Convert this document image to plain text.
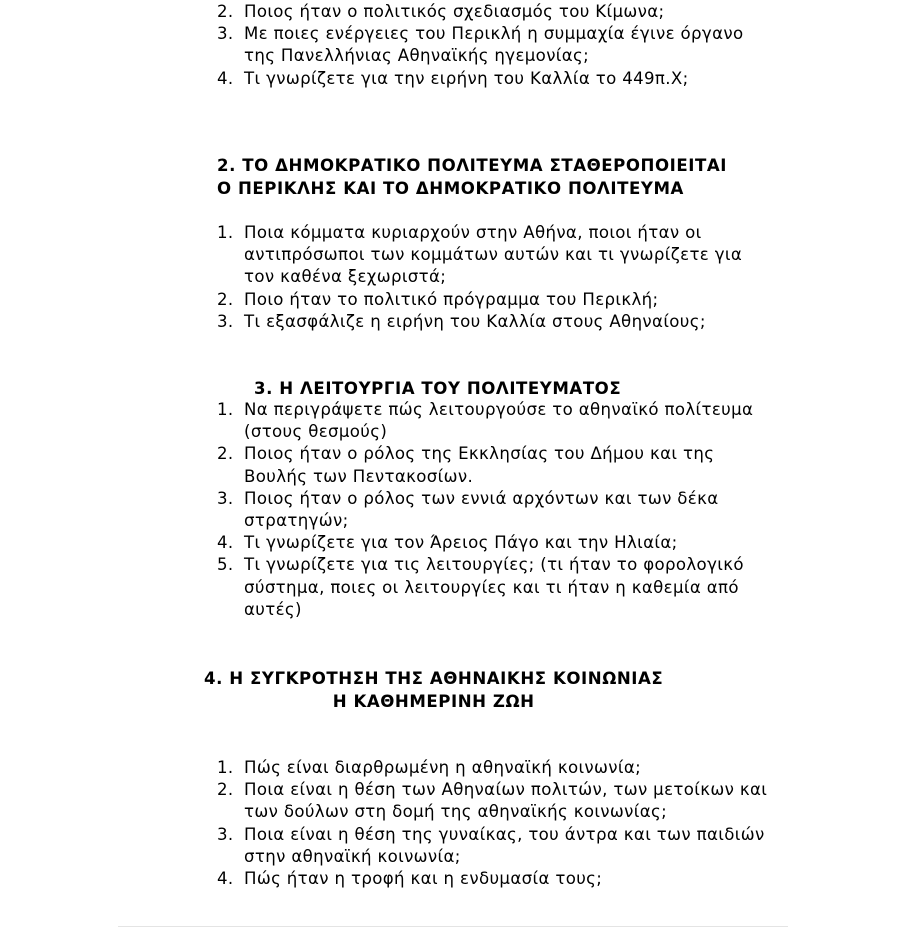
2. Ποιος ήταν ο πολιτικός σχεδιασμός του Κίμωνα;
3. Με ποιες ενέργειες του Περικλή η συμμαχία έγινε όργανο της Πανελλήνιας Αθηναϊκής ηγεμονίας;
4. Τι γνωρίζετε για την ειρήνη του Καλλία το 449π.Χ;
2. ΤΟ ΔΗΜΟΚΡΑΤΙΚΟ ΠΟΛΙΤΕΥΜΑ ΣΤΑΘΕΡΟΠΟΙΕΙΤΑΙ
Ο ΠΕΡΙΚΛΗΣ ΚΑΙ ΤΟ ΔΗΜΟΚΡΑΤΙΚΟ ΠΟΛΙΤΕΥΜΑ
1. Ποια κόμματα κυριαρχούν στην Αθήνα, ποιοι ήταν οι αντιπρόσωποι των κομμάτων αυτών και τι γνωρίζετε για τον καθένα ξεχωριστά;
2. Ποιο ήταν το πολιτικό πρόγραμμα του Περικλή;
3. Τι εξασφάλιζε η ειρήνη του Καλλία στους Αθηναίους;
3. Η ΛΕΙΤΟΥΡΓΙΑ ΤΟΥ ΠΟΛΙΤΕΥΜΑΤΟΣ
1. Να περιγράψετε πώς λειτουργούσε το αθηναϊκό πολίτευμα (στους θεσμούς)
2. Ποιος ήταν ο ρόλος της Εκκλησίας του Δήμου και της Βουλής των Πεντακοσίων.
3. Ποιος ήταν ο ρόλος των εννιά αρχόντων και των δέκα στρατηγών;
4. Τι γνωρίζετε για τον Άρειος Πάγο και την Ηλιαία;
5. Τι γνωρίζετε για τις λειτουργίες; (τι ήταν το φορολογικό σύστημα, ποιες οι λειτουργίες και τι ήταν η καθεμία από αυτές)
4. Η ΣΥΓΚΡΟΤΗΣΗ ΤΗΣ ΑΘΗΝΑΙΚΗΣ ΚΟΙΝΩΝΙΑΣ
Η ΚΑΘΗΜΕΡΙΝΗ ΖΩΗ
1. Πώς είναι διαρθρωμένη η αθηναϊκή κοινωνία;
2. Ποια είναι η θέση των Αθηναίων πολιτών, των μετοίκων και των δούλων στη δομή της αθηναϊκής κοινωνίας;
3. Ποια είναι η θέση της γυναίκας, του άντρα και των παιδιών στην αθηναϊκή κοινωνία;
4. Πώς ήταν η τροφή και η ενδυμασία τους;
